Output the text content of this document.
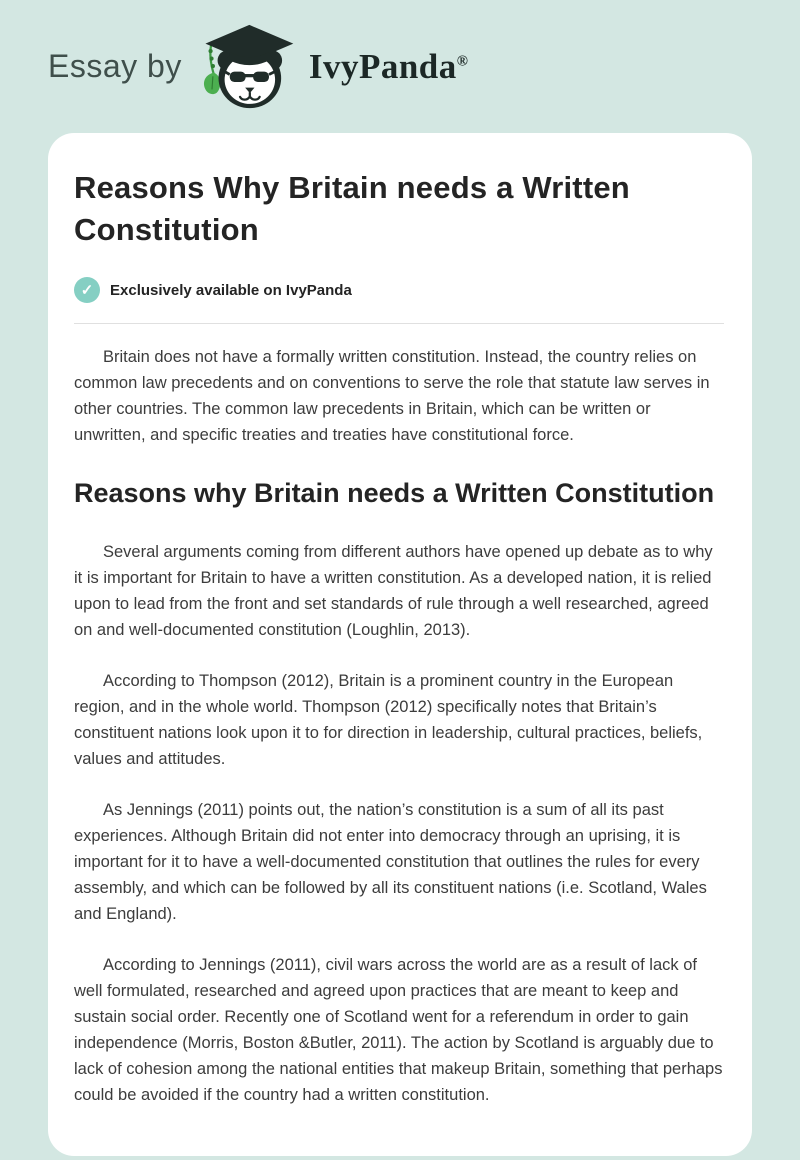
Essay by	IvyPanda®
Reasons Why Britain needs a Written Constitution
✓	Exclusively available on IvyPanda

Britain does not have a formally written constitution. Instead, the country relies on common law precedents and on conventions to serve the role that statute law serves in other countries. The common law precedents in Britain, which can be written or unwritten, and specific treaties and treaties have constitutional force.

Reasons why Britain needs a Written Constitution

Several arguments coming from different authors have opened up debate as to why it is important for Britain to have a written constitution. As a developed nation, it is relied upon to lead from the front and set standards of rule through a well researched, agreed on and well-documented constitution (Loughlin, 2013).

According to Thompson (2012), Britain is a prominent country in the European region, and in the whole world. Thompson (2012) specifically notes that Britain’s constituent nations look upon it to for direction in leadership, cultural practices, beliefs, values and attitudes.

As Jennings (2011) points out, the nation’s constitution is a sum of all its past experiences. Although Britain did not enter into democracy through an uprising, it is important for it to have a well-documented constitution that outlines the rules for every assembly, and which can be followed by all its constituent nations (i.e. Scotland, Wales and England).

According to Jennings (2011), civil wars across the world are as a result of lack of well formulated, researched and agreed upon practices that are meant to keep and sustain social order. Recently one of Scotland went for a referendum in order to gain independence (Morris, Boston &Butler, 2011). The action by Scotland is arguably due to lack of cohesion among the national entities that makeup Britain, something that perhaps could be avoided if the country had a written constitution.
